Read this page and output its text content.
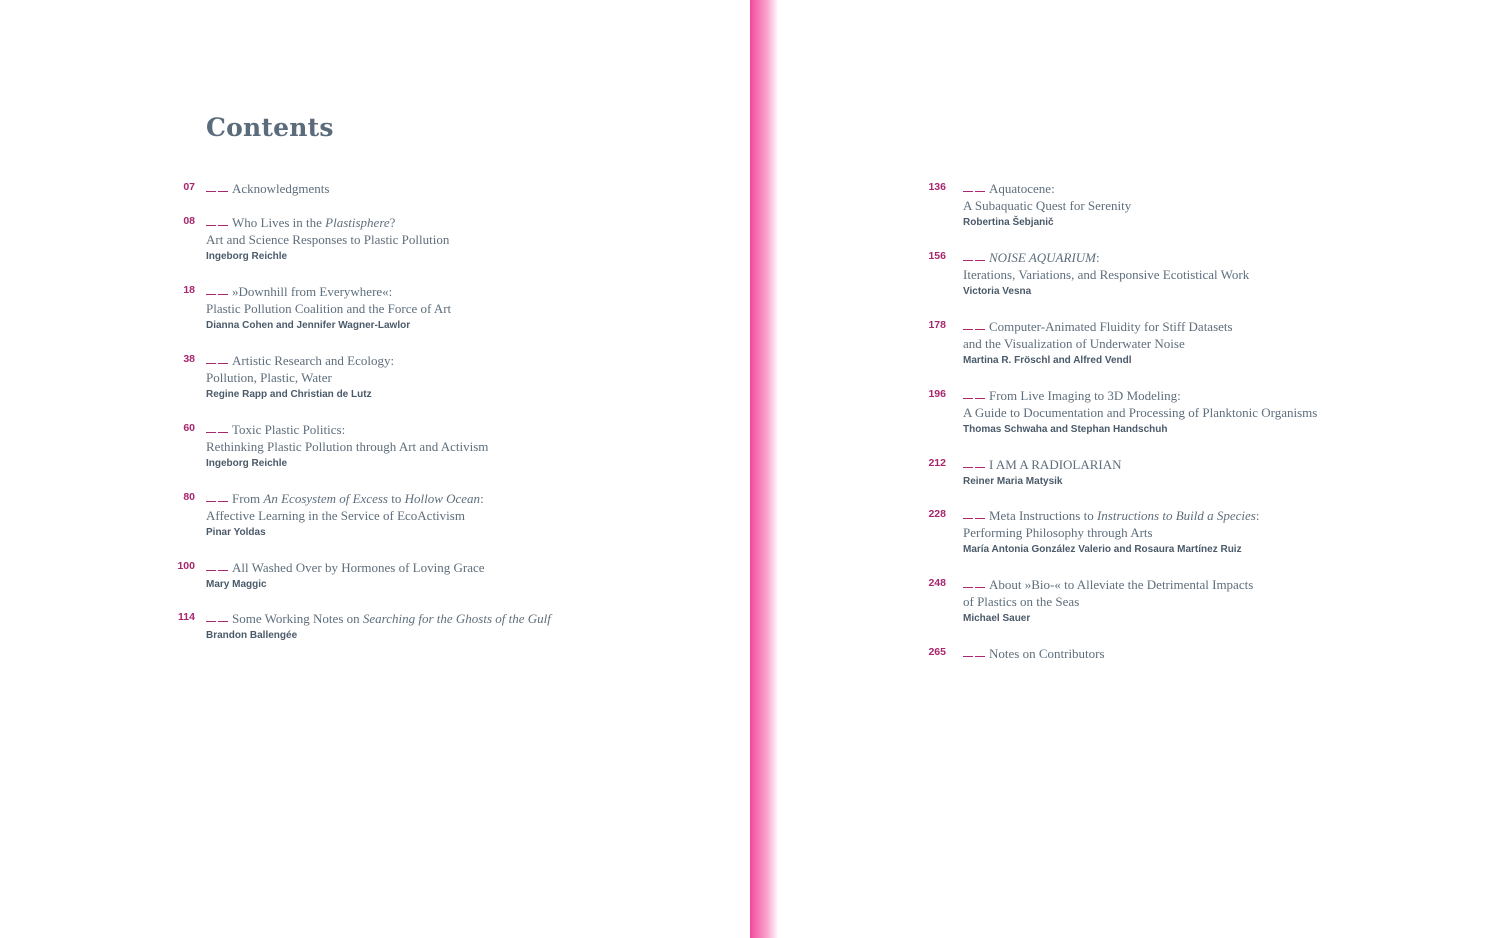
Contents
07	Acknowledgments
08	Who Lives in the Plastisphere?
Art and Science Responses to Plastic Pollution
Ingeborg Reichle
18	»Downhill from Everywhere«:
Plastic Pollution Coalition and the Force of Art
Dianna Cohen and Jennifer Wagner-Lawlor
38	Artistic Research and Ecology:
Pollution, Plastic, Water
Regine Rapp and Christian de Lutz
60	Toxic Plastic Politics:
Rethinking Plastic Pollution through Art and Activism
Ingeborg Reichle
80	From An Ecosystem of Excess to Hollow Ocean:
Affective Learning in the Service of EcoActivism
Pinar Yoldas
100	All Washed Over by Hormones of Loving Grace
Mary Maggic
114	Some Working Notes on Searching for the Ghosts of the Gulf
Brandon Ballengée
136	Aquatocene:
A Subaquatic Quest for Serenity
Robertina Šebjanič
156	NOISE AQUARIUM:
Iterations, Variations, and Responsive Ecotistical Work
Victoria Vesna
178	Computer-Animated Fluidity for Stiff Datasets
and the Visualization of Underwater Noise
Martina R. Fröschl and Alfred Vendl
196	From Live Imaging to 3D Modeling:
A Guide to Documentation and Processing of Planktonic Organisms
Thomas Schwaha and Stephan Handschuh
212	I AM A RADIOLARIAN
Reiner Maria Matysik
228	Meta Instructions to Instructions to Build a Species:
Performing Philosophy through Arts
María Antonia González Valerio and Rosaura Martínez Ruiz
248	About »Bio-« to Alleviate the Detrimental Impacts
of Plastics on the Seas
Michael Sauer
265	Notes on Contributors
